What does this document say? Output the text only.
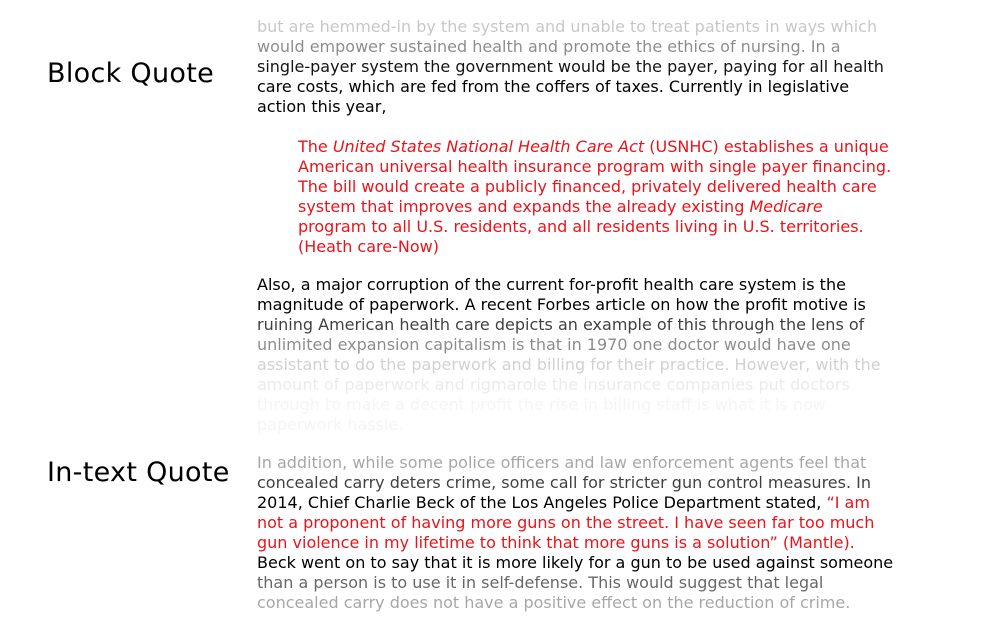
Block Quote
In-text Quote

but are hemmed-in by the system and unable to treat patients in ways which
would empower sustained health and promote the ethics of nursing. In a
single-payer system the government would be the payer, paying for all health
care costs, which are fed from the coffers of taxes. Currently in legislative
action this year,
The United States National Health Care Act (USNHC) establishes a unique
American universal health insurance program with single payer financing.
The bill would create a publicly financed, privately delivered health care
system that improves and expands the already existing Medicare
program to all U.S. residents, and all residents living in U.S. territories.
(Heath care-Now)
Also, a major corruption of the current for-profit health care system is the
magnitude of paperwork. A recent Forbes article on how the profit motive is
ruining American health care depicts an example of this through the lens of
unlimited expansion capitalism is that in 1970 one doctor would have one
assistant to do the paperwork and billing for their practice. However, with the
amount of paperwork and rigmarole the insurance companies put doctors
In addition, while some police officers and law enforcement agents feel that
concealed carry deters crime, some call for stricter gun control measures. In
2014, Chief Charlie Beck of the Los Angeles Police Department stated, “I am
not a proponent of having more guns on the street. I have seen far too much
gun violence in my lifetime to think that more guns is a solution” (Mantle).
Beck went on to say that it is more likely for a gun to be used against someone
than a person is to use it in self-defense. This would suggest that legal
concealed carry does not have a positive effect on the reduction of crime.
